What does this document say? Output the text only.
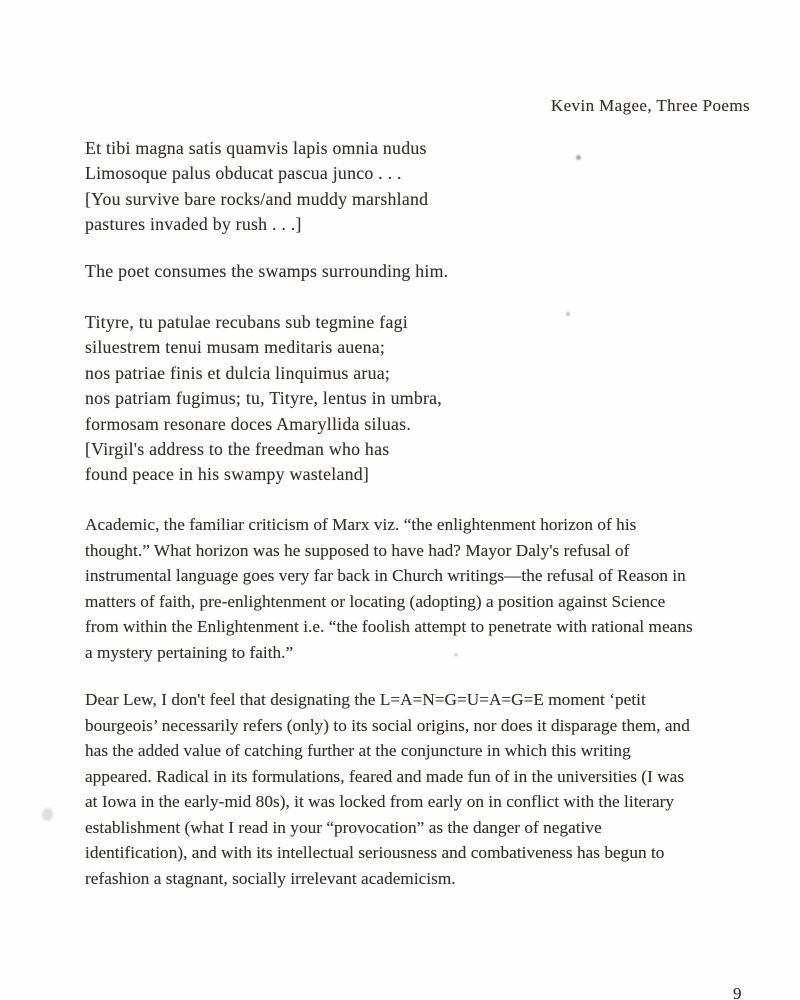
Kevin Magee, Three Poems
Et tibi magna satis quamvis lapis omnia nudus
Limosoque palus obducat pascua junco . . .
[You survive bare rocks/and muddy marshland
pastures invaded by rush . . .]
The poet consumes the swamps surrounding him.
Tityre, tu patulae recubans sub tegmine fagi
siluestrem tenui musam meditaris auena;
nos patriae finis et dulcia linquimus arua;
nos patriam fugimus; tu, Tityre, lentus in umbra,
formosam resonare doces Amaryllida siluas.
[Virgil's address to the freedman who has
found peace in his swampy wasteland]
Academic, the familiar criticism of Marx viz. “the enlightenment horizon of his
thought.” What horizon was he supposed to have had? Mayor Daly's refusal of
instrumental language goes very far back in Church writings—the refusal of Reason in
matters of faith, pre-enlightenment or locating (adopting) a position against Science
from within the Enlightenment i.e. “the foolish attempt to penetrate with rational means
a mystery pertaining to faith.”
Dear Lew, I don't feel that designating the L=A=N=G=U=A=G=E moment ‘petit
bourgeois’ necessarily refers (only) to its social origins, nor does it disparage them, and
has the added value of catching further at the conjuncture in which this writing
appeared. Radical in its formulations, feared and made fun of in the universities (I was
at Iowa in the early-mid 80s), it was locked from early on in conflict with the literary
establishment (what I read in your “provocation” as the danger of negative
identification), and with its intellectual seriousness and combativeness has begun to
refashion a stagnant, socially irrelevant academicism.
9
